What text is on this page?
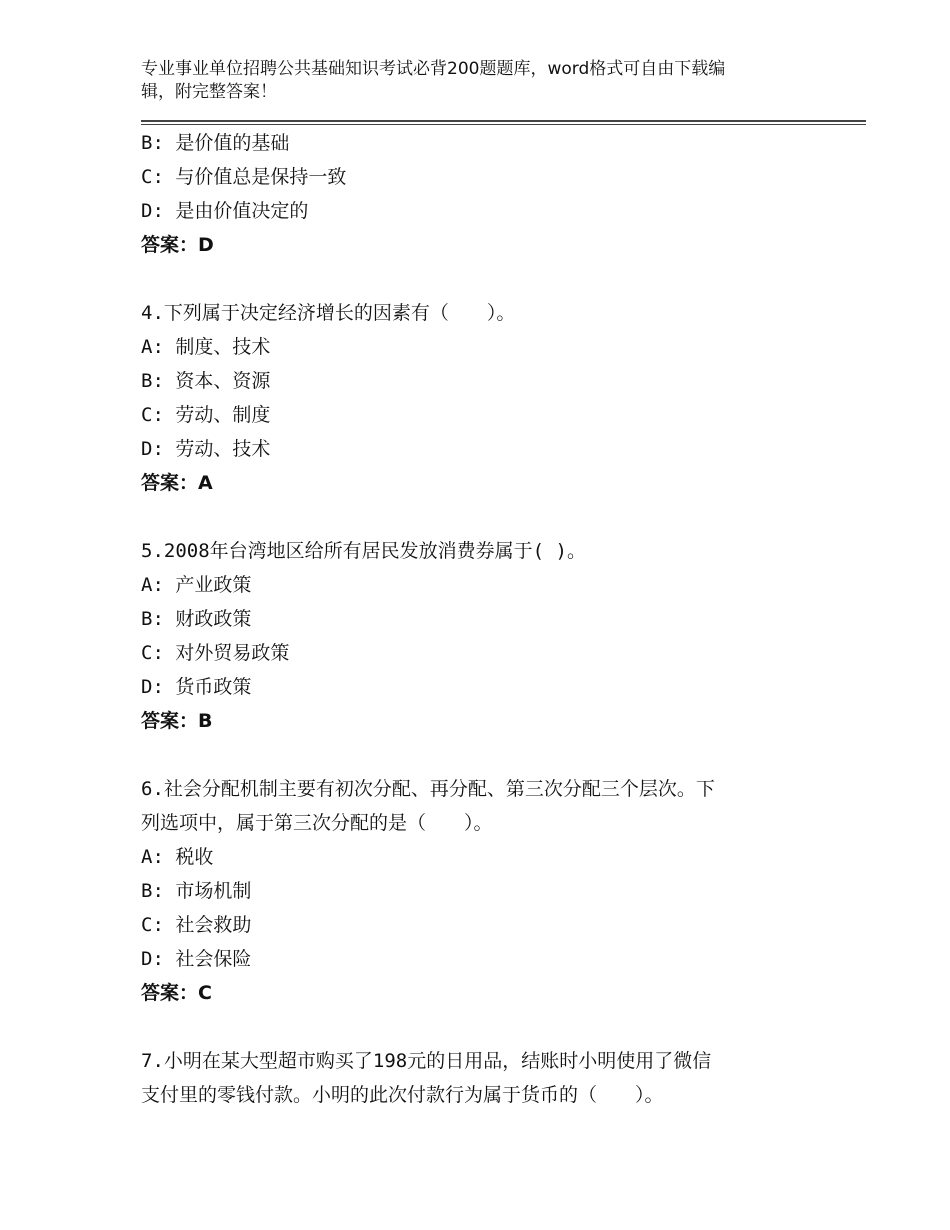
专业事业单位招聘公共基础知识考试必背200题题库，word格式可自由下载编
辑，附完整答案！
B: 是价值的基础
C: 与价值总是保持一致
D: 是由价值决定的
答案：D
4.下列属于决定经济增长的因素有（　　）。
A: 制度、技术
B: 资本、资源
C: 劳动、制度
D: 劳动、技术
答案：A
5.2008年台湾地区给所有居民发放消费券属于( )。
A: 产业政策
B: 财政政策
C: 对外贸易政策
D: 货币政策
答案：B
6.社会分配机制主要有初次分配、再分配、第三次分配三个层次。下
列选项中，属于第三次分配的是（　　）。
A: 税收
B: 市场机制
C: 社会救助
D: 社会保险
答案：C
7.小明在某大型超市购买了198元的日用品，结账时小明使用了微信
支付里的零钱付款。小明的此次付款行为属于货币的（　　）。
